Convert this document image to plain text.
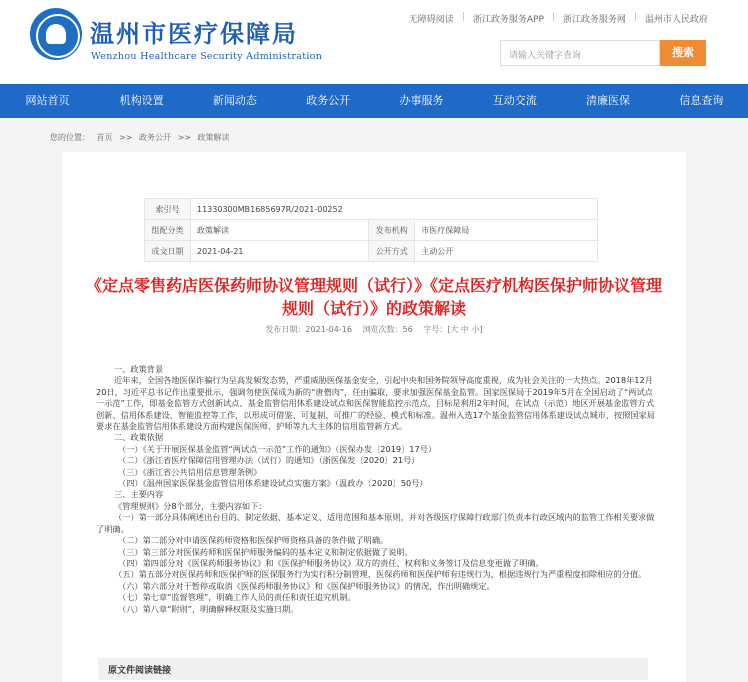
温州市医疗保障局
Wenzhou Healthcare Security Administration
无障碍阅读 | 浙江政务服务APP | 浙江政务服务网 | 温州市人民政府
请输入关键字查询	搜索
网站首页	机构设置	新闻动态	政务公开	办事服务	互动交流	清廉医保	信息查询
您的位置： 首页 >> 政务公开 >> 政策解读
索引号	11330300MB1685697R/2021-00252		
组配分类	政策解读	发布机构	市医疗保障局
成文日期	2021-04-21	公开方式	主动公开
《定点零售药店医保药师协议管理规则（试行）》《定点医疗机构医保护师协议管理规则（试行）》的政策解读
发布日期：2021-04-16 浏览次数：56 字号：[大 中 小]

一、政策背景

近年来，全国各地医保诈骗行为呈高发频发态势，严重威胁医保基金安全，引起中央和国务院领导高度重视，成为社会关注的一大热点。2018年12月20日，习近平总书记作出重要批示，强调勿使医保成为新的“唐僧肉”，任由骗取，要求加强医保基金监管。国家医保局于2019年5月在全国启动了“两试点一示范”工作，即基金监管方式创新试点、基金监管信用体系建设试点和医保智能监控示范点，目标是利用2年时间，在试点（示范）地区开展基金监管方式创新、信用体系建设、智能监控等工作，以形成可借鉴、可复制、可推广的经验、模式和标准。温州入选17个基金监管信用体系建设试点城市，按照国家局要求在基金监管信用体系建设方面构建医保医师、护师等九大主体的信用监管新方式。

二、政策依据

（一）《关于开展医保基金监管“两试点一示范”工作的通知》（医保办发〔2019〕17号）

（二）《浙江省医疗保障信用管理办法（试行）的通知》（浙医保发〔2020〕21号）

（三）《浙江省公共信用信息管理条例》

（四）《温州国家医保基金监管信用体系建设试点实施方案》（温政办〔2020〕50号）

三、主要内容

《管理规则》分8个部分，主要内容如下：

（一）第一部分具体阐述出台目的、制定依据、基本定义、适用范围和基本原则，并对各级医疗保障行政部门负责本行政区域内的监管工作相关要求做了明确。

（二）第二部分对申请医保药师资格和医保护师资格具备的条件做了明确。

（三）第三部分对医保药师和医保护师服务编码的基本定义和制定依据做了说明。

（四）第四部分对《医保药师服务协议》和《医保护师服务协议》双方的责任、权利和义务签订及信息变更做了明确。

（五）第五部分对医保药师和医保护师的医保服务行为实行积分制管理，医保药师和医保护师有违规行为，根据违规行为严重程度扣除相应的分值。

（六）第六部分对于暂停或取消《医保药师服务协议》和《医保护师服务协议》的情况，作出明确规定。

（七）第七章“监督管理”，明确工作人员的责任和责任追究机制。

（八）第八章“附则”，明确解释权限及实施日期。

原文件阅读链接
